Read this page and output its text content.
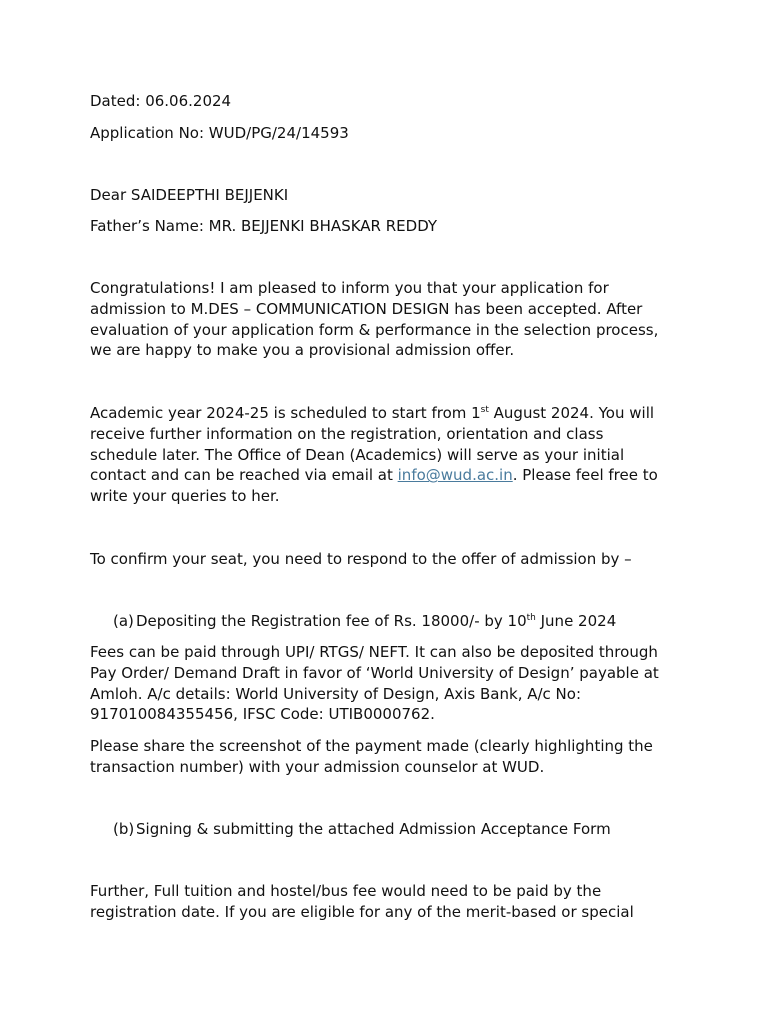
Dated: 06.06.2024

Application No: WUD/PG/24/14593

Dear SAIDEEPTHI BEJJENKI

Father’s Name: MR. BEJJENKI BHASKAR REDDY

Congratulations! I am pleased to inform you that your application for admission to M.DES – COMMUNICATION DESIGN has been accepted. After evaluation of your application form & performance in the selection process, we are happy to make you a provisional admission offer.

Academic year 2024-25 is scheduled to start from 1st August 2024. You will receive further information on the registration, orientation and class schedule later. The Office of Dean (Academics) will serve as your initial contact and can be reached via email at info@wud.ac.in. Please feel free to write your queries to her.

To confirm your seat, you need to respond to the offer of admission by –

(a) Depositing the Registration fee of Rs. 18000/- by 10th June 2024

Fees can be paid through UPI/ RTGS/ NEFT. It can also be deposited through Pay Order/ Demand Draft in favor of ‘World University of Design’ payable at Amloh. A/c details: World University of Design, Axis Bank, A/c No: 917010084355456, IFSC Code: UTIB0000762.

Please share the screenshot of the payment made (clearly highlighting the transaction number) with your admission counselor at WUD.

(b) Signing & submitting the attached Admission Acceptance Form

Further, Full tuition and hostel/bus fee would need to be paid by the registration date. If you are eligible for any of the merit-based or special
